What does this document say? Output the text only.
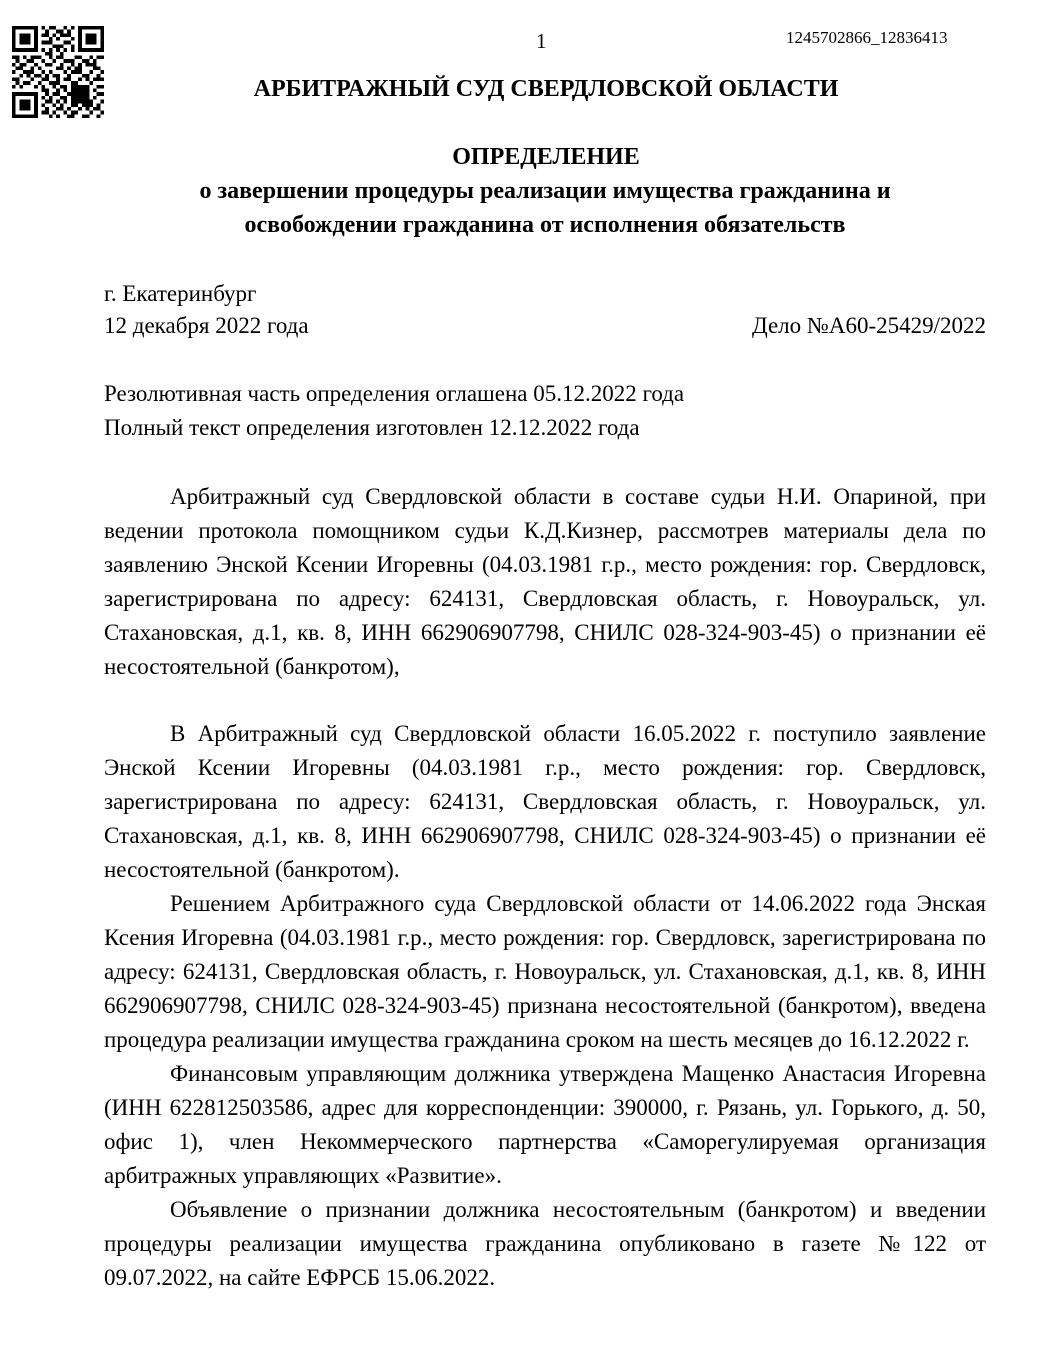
1	1245702866_12836413
АРБИТРАЖНЫЙ СУД СВЕРДЛОВСКОЙ ОБЛАСТИ
ОПРЕДЕЛЕНИЕ
о завершении процедуры реализации имущества гражданина и
освобождении гражданина от исполнения обязательств
г. Екатеринбург
12 декабря 2022 года	Дело №А60-25429/2022
Резолютивная часть определения оглашена 05.12.2022 года
Полный текст определения изготовлен 12.12.2022 года

Арбитражный суд Свердловской области в составе судьи Н.И. Опариной, при ведении протокола помощником судьи К.Д.Кизнер, рассмотрев материалы дела по заявлению Энской Ксении Игоревны (04.03.1981 г.р., место рождения: гор. Свердловск, зарегистрирована по адресу: 624131, Свердловская область, г. Новоуральск, ул. Стахановская, д.1, кв. 8, ИНН 662906907798, СНИЛС 028-324-903-45) о признании её несостоятельной (банкротом),

В Арбитражный суд Свердловской области 16.05.2022 г. поступило заявление Энской Ксении Игоревны (04.03.1981 г.р., место рождения: гор. Свердловск, зарегистрирована по адресу: 624131, Свердловская область, г. Новоуральск, ул. Стахановская, д.1, кв. 8, ИНН 662906907798, СНИЛС 028-324-903-45) о признании её несостоятельной (банкротом).

Решением Арбитражного суда Свердловской области от 14.06.2022 года Энская Ксения Игоревна (04.03.1981 г.р., место рождения: гор. Свердловск, зарегистрирована по адресу: 624131, Свердловская область, г. Новоуральск, ул. Стахановская, д.1, кв. 8, ИНН 662906907798, СНИЛС 028-324-903-45) признана несостоятельной (банкротом), введена процедура реализации имущества гражданина сроком на шесть месяцев до 16.12.2022 г.

Финансовым управляющим должника утверждена Мащенко Анастасия Игоревна (ИНН 622812503586, адрес для корреспонденции: 390000, г. Рязань, ул. Горького, д. 50, офис 1), член Некоммерческого партнерства «Саморегулируемая организация арбитражных управляющих «Развитие».

Объявление о признании должника несостоятельным (банкротом) и введении процедуры реализации имущества гражданина опубликовано в газете №122 от 09.07.2022, на сайте ЕФРСБ 15.06.2022.
